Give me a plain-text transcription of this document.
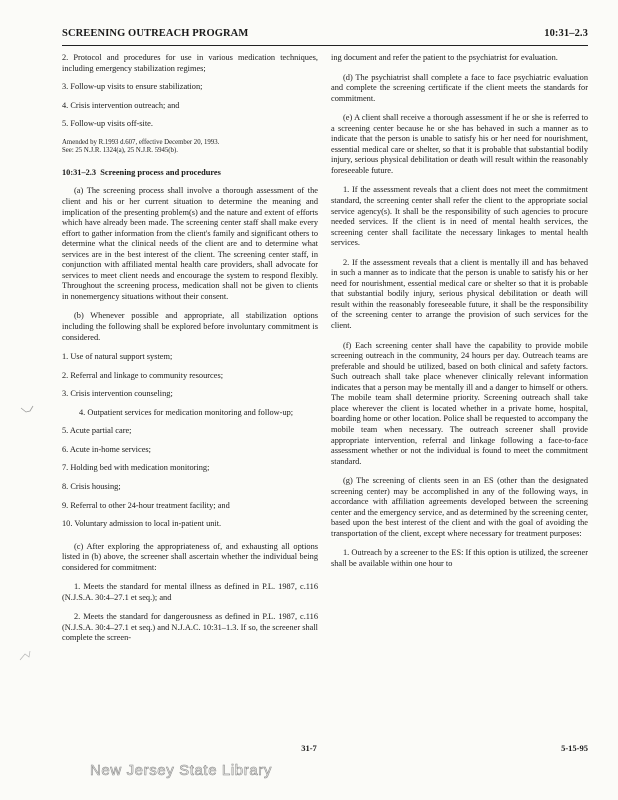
SCREENING OUTREACH PROGRAM	10:31–2.3

2. Protocol and procedures for use in various medication techniques, including emergency stabilization regimes;

3. Follow-up visits to ensure stabilization;

4. Crisis intervention outreach; and

5. Follow-up visits off-site.

Amended by R.1993 d.607, effective December 20, 1993.

See: 25 N.J.R. 1324(a), 25 N.J.R. 5945(b).

10:31–2.3 Screening process and procedures

(a) The screening process shall involve a thorough assessment of the client and his or her current situation to determine the meaning and implication of the presenting problem(s) and the nature and extent of efforts which have already been made. The screening center staff shall make every effort to gather information from the client's family and significant others to determine what the clinical needs of the client are and to determine what services are in the best interest of the client. The screening center staff, in conjunction with affiliated mental health care providers, shall advocate for services to meet client needs and encourage the system to respond flexibly. Throughout the screening process, medication shall not be given to clients in nonemergency situations without their consent.

(b) Whenever possible and appropriate, all stabilization options including the following shall be explored before involuntary commitment is considered.

1. Use of natural support system;

2. Referral and linkage to community resources;

3. Crisis intervention counseling;

4. Outpatient services for medication monitoring and follow-up;

5. Acute partial care;

6. Acute in-home services;

7. Holding bed with medication monitoring;

8. Crisis housing;

9. Referral to other 24-hour treatment facility; and

10. Voluntary admission to local in-patient unit.

(c) After exploring the appropriateness of, and exhausting all options listed in (b) above, the screener shall ascertain whether the individual being considered for commitment:

1. Meets the standard for mental illness as defined in P.L. 1987, c.116 (N.J.S.A. 30:4–27.1 et seq.); and

2. Meets the standard for dangerousness as defined in P.L. 1987, c.116 (N.J.S.A. 30:4–27.1 et seq.) and N.J.A.C. 10:31–1.3. If so, the screener shall complete the screen-

ing document and refer the patient to the psychiatrist for evaluation.

(d) The psychiatrist shall complete a face to face psychiatric evaluation and complete the screening certificate if the client meets the standards for commitment.

(e) A client shall receive a thorough assessment if he or she is referred to a screening center because he or she has behaved in such a manner as to indicate that the person is unable to satisfy his or her need for nourishment, essential medical care or shelter, so that it is probable that substantial bodily injury, serious physical debilitation or death will result within the reasonably foreseeable future.

1. If the assessment reveals that a client does not meet the commitment standard, the screening center shall refer the client to the appropriate social service agency(s). It shall be the responsibility of such agencies to procure needed services. If the client is in need of mental health services, the screening center shall facilitate the necessary linkages to mental health services.

2. If the assessment reveals that a client is mentally ill and has behaved in such a manner as to indicate that the person is unable to satisfy his or her need for nourishment, essential medical care or shelter so that it is probable that substantial bodily injury, serious physical debilitation or death will result within the reasonably foreseeable future, it shall be the responsibility of the screening center to arrange the provision of such services for the client.

(f) Each screening center shall have the capability to provide mobile screening outreach in the community, 24 hours per day. Outreach teams are preferable and should be utilized, based on both clinical and safety factors. Such outreach shall take place whenever clinically relevant information indicates that a person may be mentally ill and a danger to himself or others. The mobile team shall determine priority. Screening outreach shall take place wherever the client is located whether in a private home, hospital, boarding home or other location. Police shall be requested to accompany the mobile team when necessary. The outreach screener shall provide appropriate intervention, referral and linkage following a face-to-face assessment whether or not the individual is found to meet the commitment standard.

(g) The screening of clients seen in an ES (other than the designated screening center) may be accomplished in any of the following ways, in accordance with affiliation agreements developed between the screening center and the emergency service, and as determined by the screening center, based upon the best interest of the client and with the goal of avoiding the transportation of the client, except where necessary for treatment purposes:

1. Outreach by a screener to the ES: If this option is utilized, the screener shall be available within one hour to

31-7	5-15-95
New Jersey State Library
